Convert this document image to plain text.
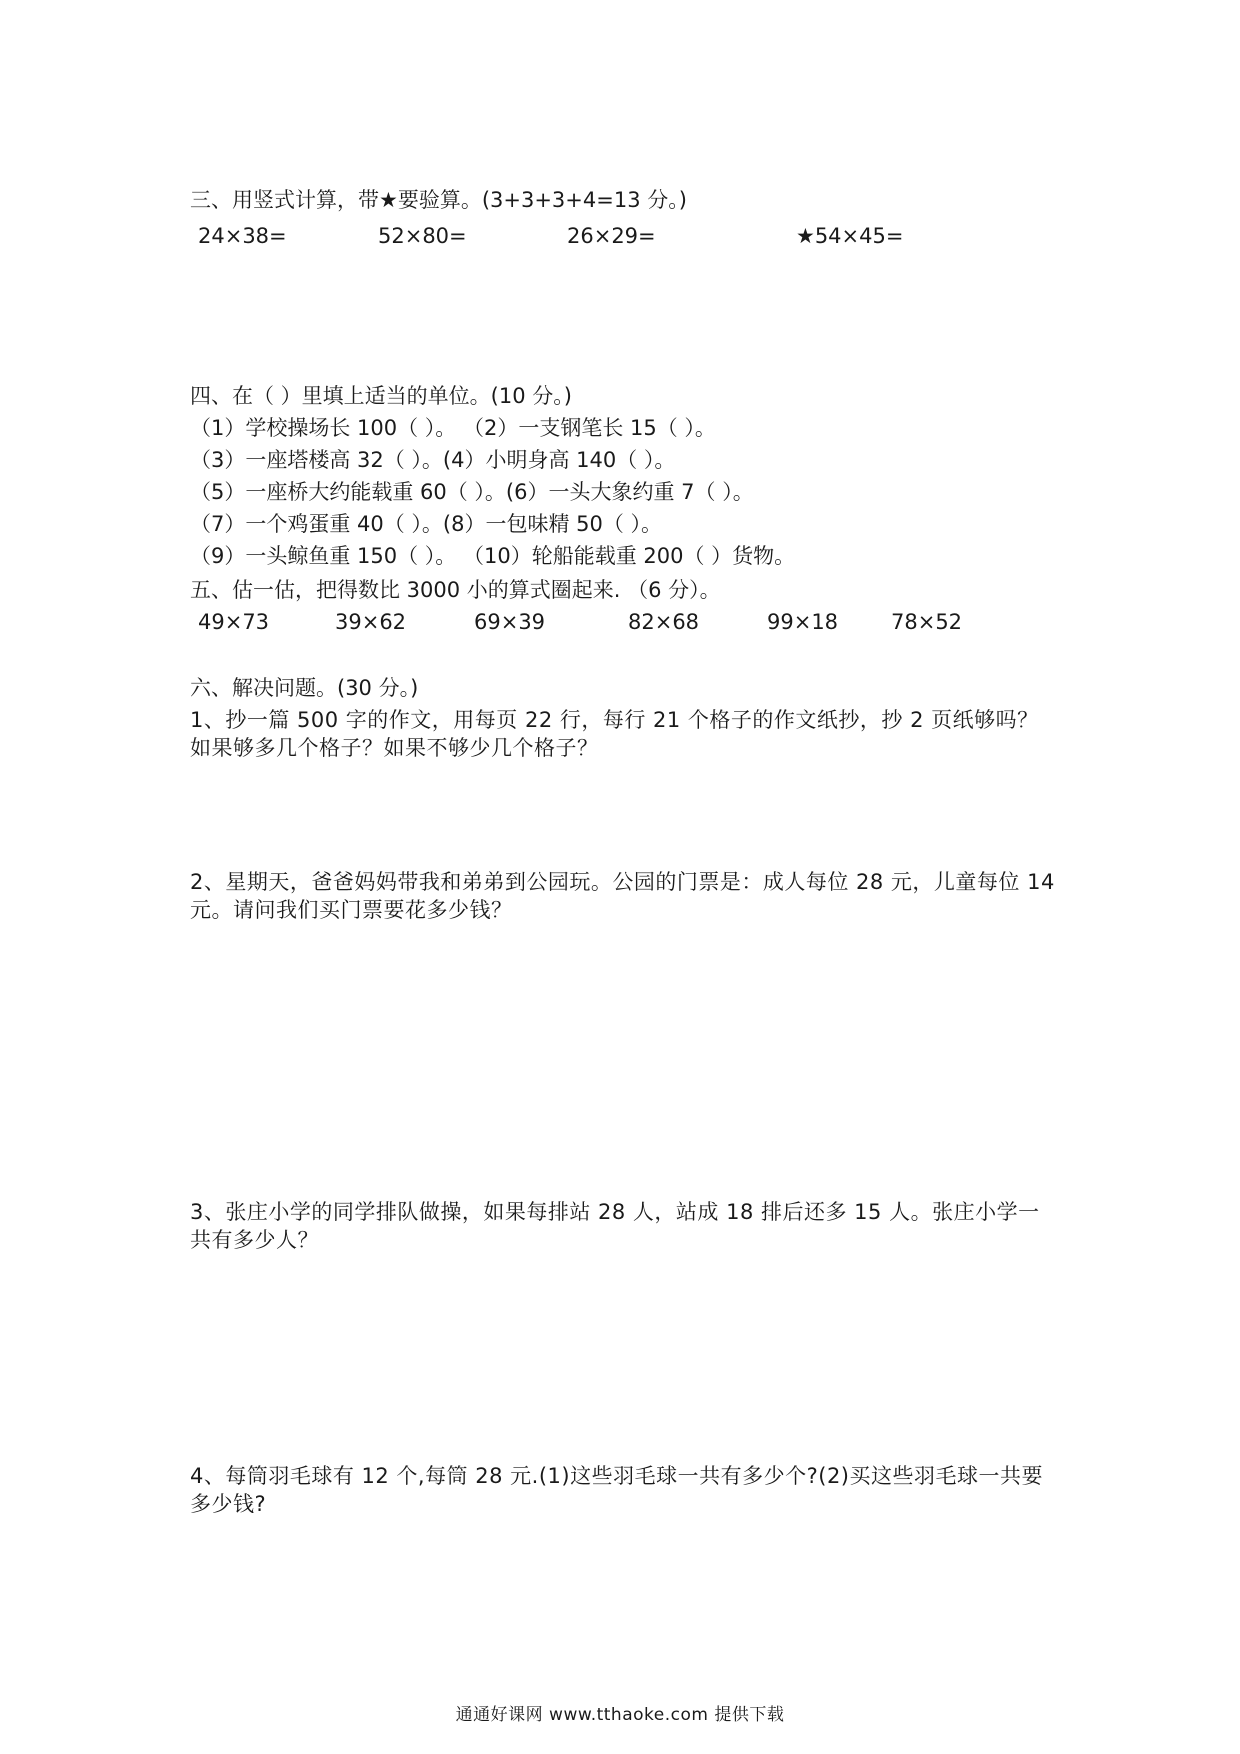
三、用竖式计算，带★要验算。(3+3+3+4=13 分。)
24×38=	52×80=	26×29=	★54×45=
四、在（ ）里填上适当的单位。(10 分。)
（1）学校操场长 100（ ）。 （2）一支钢笔长 15（ ）。
（3）一座塔楼高 32（ ）。(4）小明身高 140（ ）。
（5）一座桥大约能载重 60（ ）。(6）一头大象约重 7（ ）。
（7）一个鸡蛋重 40（ ）。(8）一包味精 50（ ）。
（9）一头鲸鱼重 150（ ）。 （10）轮船能载重 200（ ）货物。
五、估一估，把得数比 3000 小的算式圈起来. （6 分）。
49×73	39×62	69×39	82×68	99×18	78×52
六、解决问题。(30 分。)
1、抄一篇 500 字的作文，用每页 22 行，每行 21 个格子的作文纸抄，抄 2 页纸够吗？如果够多几个格子？如果不够少几个格子？
2、星期天，爸爸妈妈带我和弟弟到公园玩。公园的门票是：成人每位 28 元，儿童每位 14 元。请问我们买门票要花多少钱？
3、张庄小学的同学排队做操，如果每排站 28 人，站成 18 排后还多 15 人。张庄小学一共有多少人？
4、每筒羽毛球有 12 个,每筒 28 元.(1)这些羽毛球一共有多少个?(2)买这些羽毛球一共要多少钱?
通通好课网 www.tthaoke.com 提供下载
